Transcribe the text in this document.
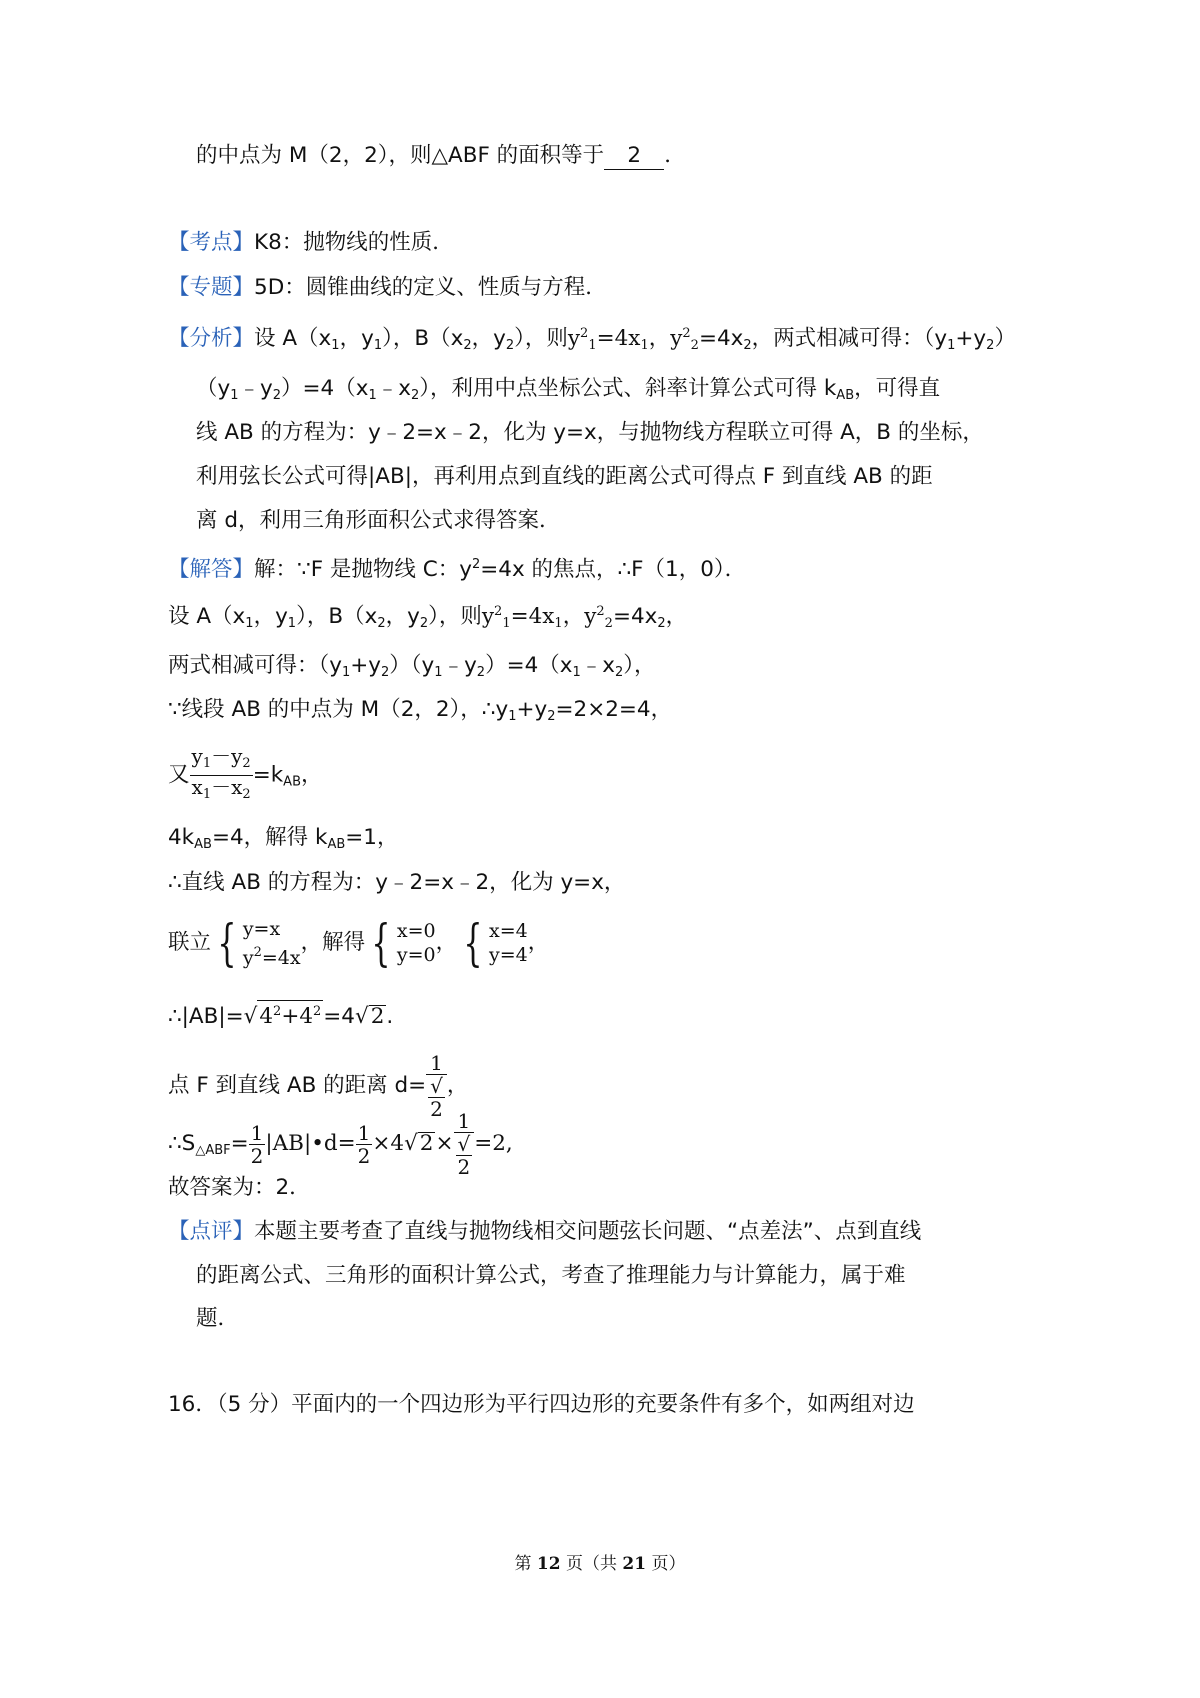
的中点为 M（2，2），则△ABF 的面积等于 2 ．
【考点】K8：抛物线的性质．
【专题】5D：圆锥曲线的定义、性质与方程．
【分析】设 $A(x_1$，$y_1$），$B(x_2$，$y_2$），则$y^2_1=4x_1$，$y^2_2=4x_2$，两式相减可得：$(y_1+y_2)$
$(y_1﹣y_2)=4(x_1﹣x_2)$，利用中点坐标公式、斜率计算公式可得 $k_{AB}$，可得直
线 AB 的方程为：y﹣2=x﹣2，化为 y=x，与抛物线方程联立可得 A，B 的坐标，
利用弦长公式可得|AB|，再利用点到直线的距离公式可得点 F 到直线 AB 的距
离 d，利用三角形面积公式求得答案．
【解答】解：∵F 是抛物线 C：$y^2=4x$ 的焦点，∴F（1，0）．
设 $A(x_1$，$y_1$），$B(x_2$，$y_2$），则$y^2_1=4x_1$，$y^2_2=4x_2$，
两式相减可得：$(y_1+y_2)(y_1﹣y_2)=4(x_1﹣x_2)$，
∵线段 AB 的中点为 M（2，2），$\therefore y_1+y_2=2\times 2=4$，
又 $\frac{y_1-y_2}{x_1-x_2} =k_{AB}$，
$4k_{AB}=4$，解得 $k_{AB}=1$，
∴直线 AB 的方程为：y﹣2=x﹣2，化为 y=x，
联立 { y=x
$y^2=4x$，解得 { x=0
y=0， { x=4
y=4，
$\therefore|AB|=√4^2+4^2=4√2$.
点 F 到直线 AB 的距离 d= 1
√
2 ，
$\therefore S_{\triangle ABF}= \frac{1}{2}$ |AB|•d= $\frac{1}{2} \times 4√2\times 1$
√
2 =2,
故答案为：2．
【点评】本题主要考查了直线与抛物线相交问题弦长问题、“点差法”、点到直线
的距离公式、三角形的面积计算公式，考查了推理能力与计算能力，属于难
题．
16．（5 分）平面内的一个四边形为平行四边形的充要条件有多个，如两组对边
第 12 页（共 21 页）
